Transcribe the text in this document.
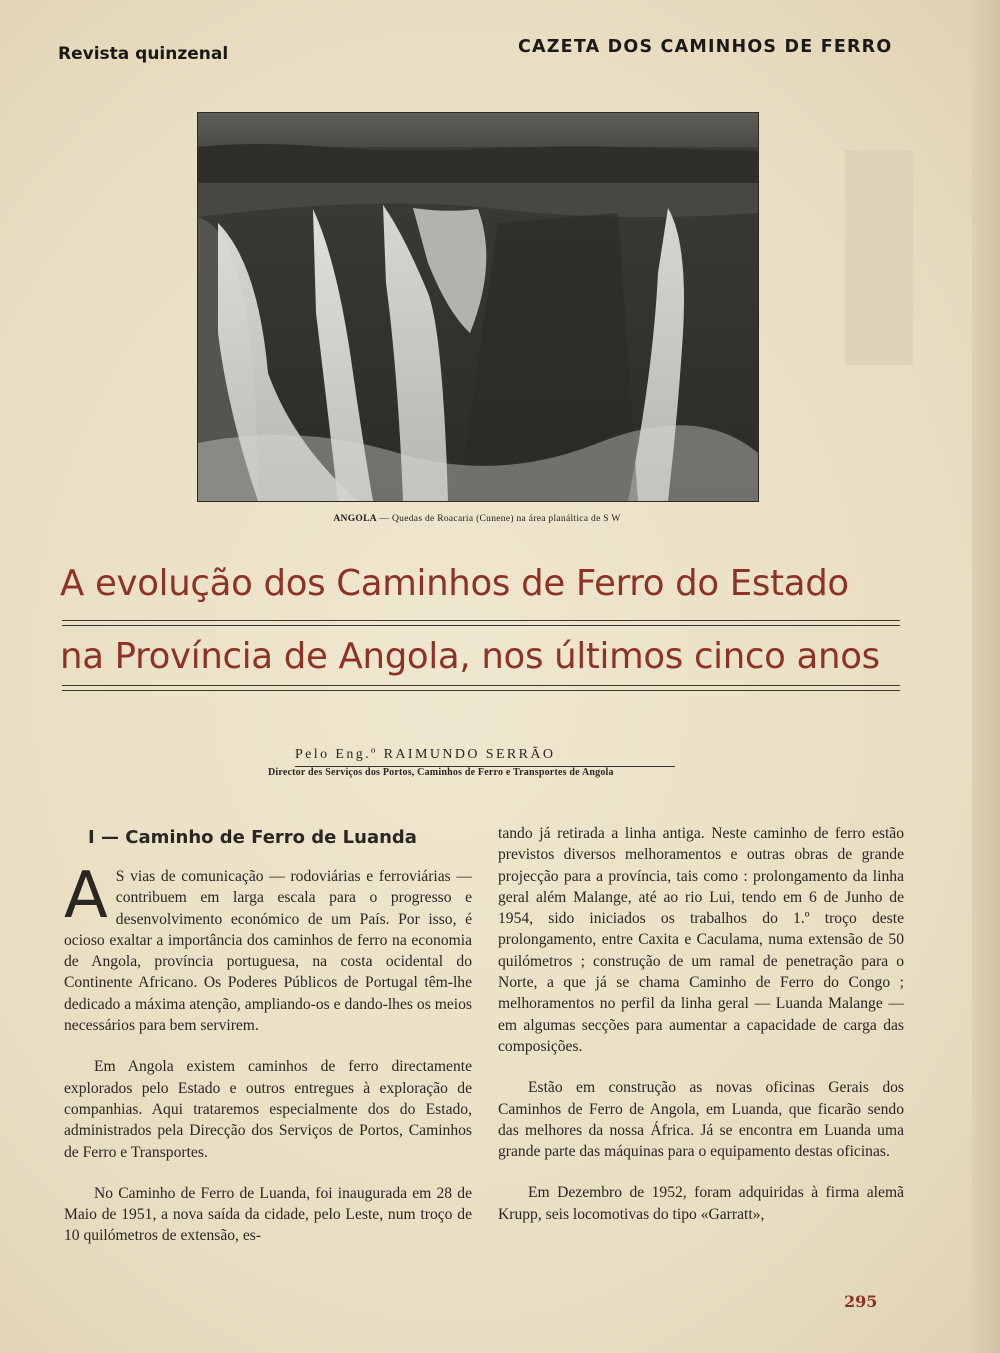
Revista quinzenal	CAZETA DOS CAMINHOS DE FERRO
ANGOLA — Quedas de Roacaria (Cunene) na área planáltica de S W
A evolução dos Caminhos de Ferro do Estado
na Província de Angola, nos últimos cinco anos
Pelo Eng.º RAIMUNDO SERRÃO
Director des Serviços dos Portos, Caminhos de Ferro e Transportes de Angola
I — Caminho de Ferro de Luanda

A S vias de comunicação — rodoviárias e ferroviárias — contribuem em larga escala para o progresso e desenvolvimento económico de um País. Por isso, é ocioso exaltar a importância dos caminhos de ferro na economia de Angola, província portuguesa, na costa ocidental do Continente Africano. Os Poderes Públicos de Portugal têm-lhe dedicado a máxima atenção, ampliando-os e dando-lhes os meios necessários para bem servirem.

Em Angola existem caminhos de ferro directamente explorados pelo Estado e outros entregues à exploração de companhias. Aqui trataremos especialmente dos do Estado, administrados pela Direcção dos Serviços de Portos, Caminhos de Ferro e Transportes.

No Caminho de Ferro de Luanda, foi inaugurada em 28 de Maio de 1951, a nova saída da cidade, pelo Leste, num troço de 10 quilómetros de extensão, es-

tando já retirada a linha antiga. Neste caminho de ferro estão previstos diversos melhoramentos e outras obras de grande projecção para a província, tais como : prolongamento da linha geral além Malange, até ao rio Lui, tendo em 6 de Junho de 1954, sido iniciados os trabalhos do 1.º troço deste prolongamento, entre Caxita e Caculama, numa extensão de 50 quilómetros ; construção de um ramal de penetração para o Norte, a que já se chama Caminho de Ferro do Congo ; melhoramentos no perfil da linha geral — Luanda Malange — em algumas secções para aumentar a capacidade de carga das composições.

Estão em construção as novas oficinas Gerais dos Caminhos de Ferro de Angola, em Luanda, que ficarão sendo das melhores da nossa África. Já se encontra em Luanda uma grande parte das máquinas para o equipamento destas oficinas.

Em Dezembro de 1952, foram adquiridas à firma alemã Krupp, seis locomotivas do tipo «Garratt»,

295
